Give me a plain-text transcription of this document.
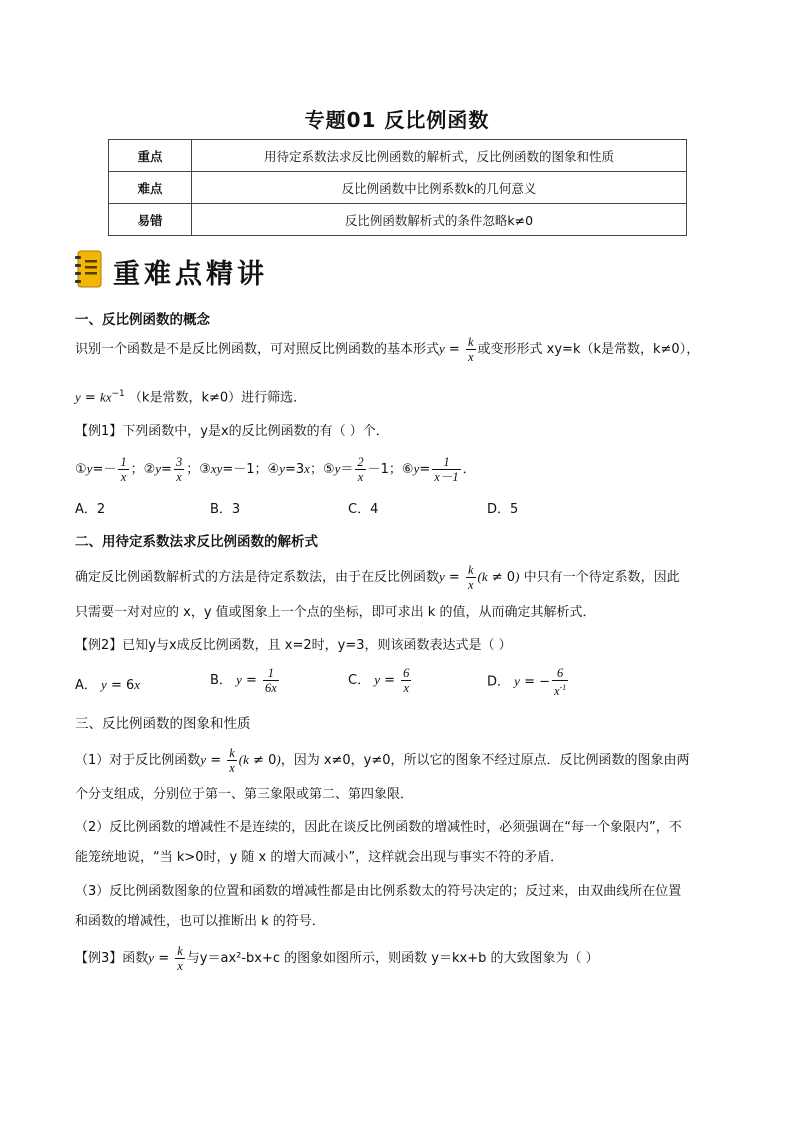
专题01 反比例函数
重点	用待定系数法求反比例函数的解析式，反比例函数的图象和性质
难点	反比例函数中比例系数k的几何意义
易错	反比例函数解析式的条件忽略k≠0
重难点精讲
一、反比例函数的概念
识别一个函数是不是反比例函数，可对照反比例函数的基本形式$y = \frac{k}{x}$ 或变形形式 xy=k（k是常数，k≠0），
$y = kx^{-1}$ （k是常数，k≠0）进行筛选．
【例1】下列函数中，y是x的反比例函数的有（ ）个．
①y=－ $\frac{1}{x}$ ；②y= $\frac{3}{x}$ ；③xy=－1；④y=3x；⑤y＝ $\frac{2}{x} -1$；⑥y= $\frac{1}{x-1}$ ．
A．2	B．3	C．4	D．5
二、用待定系数法求反比例函数的解析式
确定反比例函数解析式的方法是待定系数法，由于在反比例函数$y = \frac{k}{x} (k \ne 0)$ 中只有一个待定系数，因此
只需要一对对应的 x，y 值或图象上一个点的坐标，即可求出 k 的值，从而确定其解析式．
【例2】已知y与x成反比例函数，且 x=2时，y=3，则该函数表达式是（ ）
A． y = 6x	B． $y = \frac{1}{6x}$	C． $y = \frac{6}{x}$	D． y = − $\frac{6}{x^{-1}}$
三、反比例函数的图象和性质
（1）对于反比例函数$y = \frac{k}{x} (k \ne 0)$，因为 x≠0，y≠0，所以它的图象不经过原点．反比例函数的图象由两
个分支组成，分别位于第一、第三象限或第二、第四象限．
（2）反比例函数的增减性不是连续的，因此在谈反比例函数的增减性时，必须强调在“每一个象限内”，不
能笼统地说，“当 k>0时，y 随 x 的增大而减小”，这样就会出现与事实不符的矛盾．
（3）反比例函数图象的位置和函数的增减性都是由比例系数太的符号决定的；反过来，由双曲线所在位置
和函数的增减性，也可以推断出 k 的符号．
【例3】函数$y = \frac{k}{x}$ 与y＝ax²-bx+c 的图象如图所示，则函数 y＝kx+b 的大致图象为（ ）
